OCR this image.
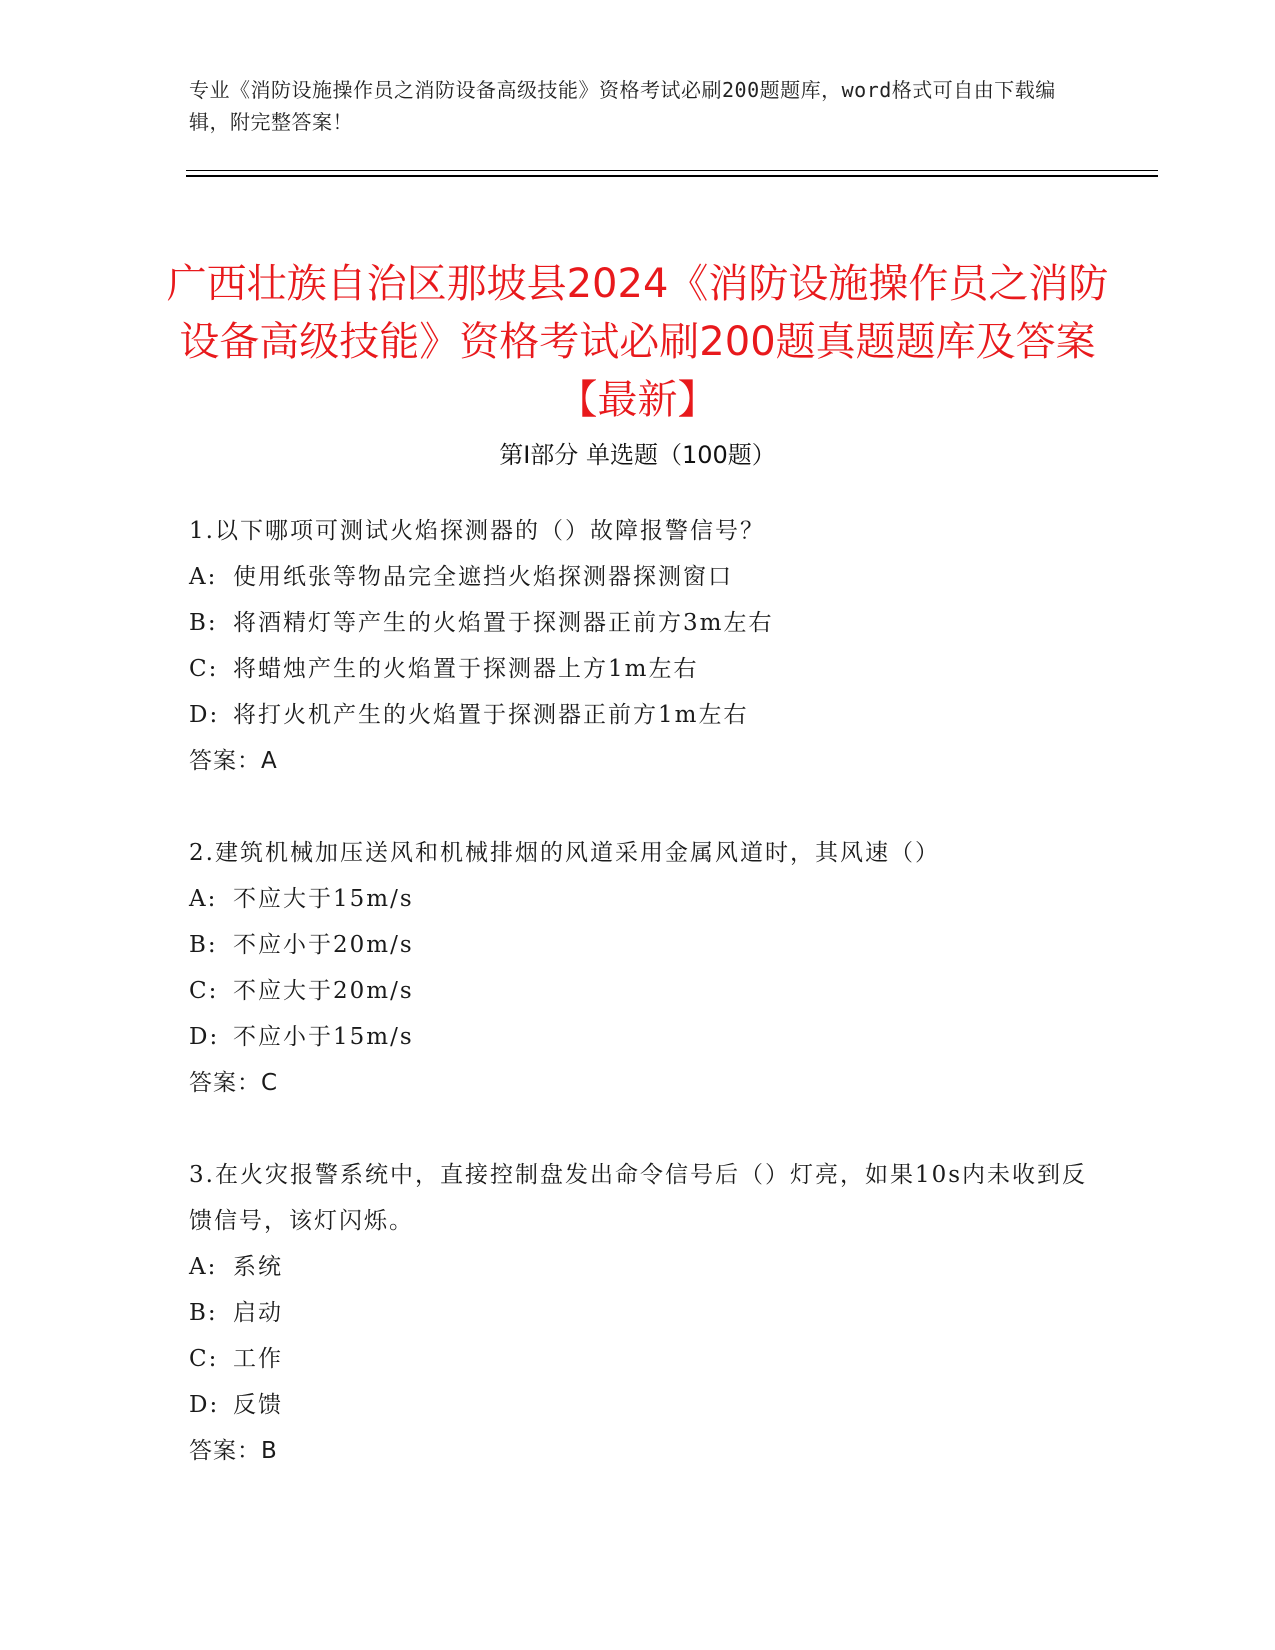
专业《消防设施操作员之消防设备高级技能》资格考试必刷200题题库，word格式可自由下载编辑，附完整答案！
广西壮族自治区那坡县2024《消防设施操作员之消防设备高级技能》资格考试必刷200题真题题库及答案【最新】
第Ⅰ部分 单选题（100题）
1.以下哪项可测试火焰探测器的（）故障报警信号？
A: 使用纸张等物品完全遮挡火焰探测器探测窗口
B: 将酒精灯等产生的火焰置于探测器正前方3m左右
C: 将蜡烛产生的火焰置于探测器上方1m左右
D: 将打火机产生的火焰置于探测器正前方1m左右
答案：A
2.建筑机械加压送风和机械排烟的风道采用金属风道时，其风速（）
A: 不应大于15m/s
B: 不应小于20m/s
C: 不应大于20m/s
D: 不应小于15m/s
答案：C
3.在火灾报警系统中，直接控制盘发出命令信号后（）灯亮，如果10s内未收到反馈信号，该灯闪烁。
A: 系统
B: 启动
C: 工作
D: 反馈
答案：B
